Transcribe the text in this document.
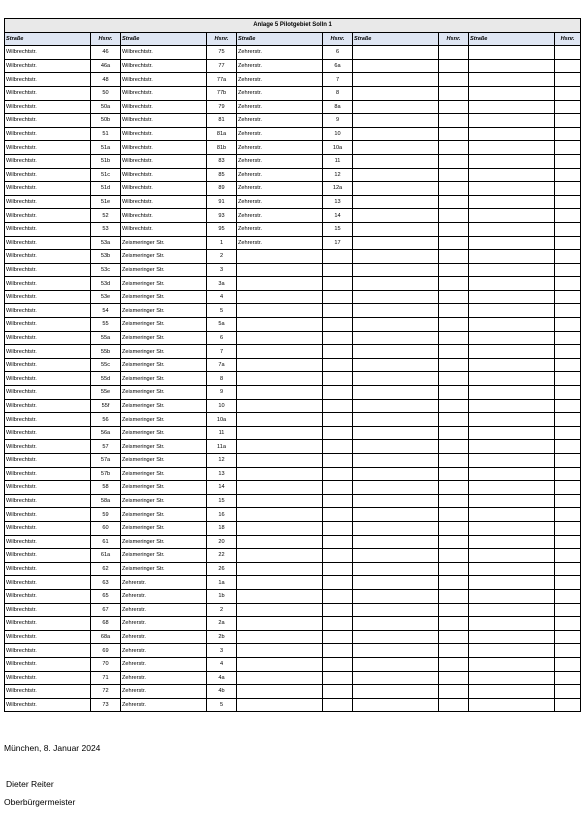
Anlage 5 Pilotgebiet Solln 1									
Straße	Hsnr.	Straße	Hsnr.	Straße	Hsnr.	Straße	Hsnr.	Straße	Hsnr.
Wilbrechtstr.	46	Wilbrechtstr.	75	Zehrerstr.	6				
Wilbrechtstr.	46a	Wilbrechtstr.	77	Zehrerstr.	6a				
Wilbrechtstr.	48	Wilbrechtstr.	77a	Zehrerstr.	7				
Wilbrechtstr.	50	Wilbrechtstr.	77b	Zehrerstr.	8				
Wilbrechtstr.	50a	Wilbrechtstr.	79	Zehrerstr.	8a				
Wilbrechtstr.	50b	Wilbrechtstr.	81	Zehrerstr.	9				
Wilbrechtstr.	51	Wilbrechtstr.	81a	Zehrerstr.	10				
Wilbrechtstr.	51a	Wilbrechtstr.	81b	Zehrerstr.	10a				
Wilbrechtstr.	51b	Wilbrechtstr.	83	Zehrerstr.	11				
Wilbrechtstr.	51c	Wilbrechtstr.	85	Zehrerstr.	12				
Wilbrechtstr.	51d	Wilbrechtstr.	89	Zehrerstr.	12a				
Wilbrechtstr.	51e	Wilbrechtstr.	91	Zehrerstr.	13				
Wilbrechtstr.	52	Wilbrechtstr.	93	Zehrerstr.	14				
Wilbrechtstr.	53	Wilbrechtstr.	95	Zehrerstr.	15				
Wilbrechtstr.	53a	Zeismeringer Str.	1	Zehrerstr.	17				
Wilbrechtstr.	53b	Zeismeringer Str.	2						
Wilbrechtstr.	53c	Zeismeringer Str.	3						
Wilbrechtstr.	53d	Zeismeringer Str.	3a						
Wilbrechtstr.	53e	Zeismeringer Str.	4						
Wilbrechtstr.	54	Zeismeringer Str.	5						
Wilbrechtstr.	55	Zeismeringer Str.	5a						
Wilbrechtstr.	55a	Zeismeringer Str.	6						
Wilbrechtstr.	55b	Zeismeringer Str.	7						
Wilbrechtstr.	55c	Zeismeringer Str.	7a						
Wilbrechtstr.	55d	Zeismeringer Str.	8						
Wilbrechtstr.	55e	Zeismeringer Str.	9						
Wilbrechtstr.	55f	Zeismeringer Str.	10						
Wilbrechtstr.	56	Zeismeringer Str.	10a						
Wilbrechtstr.	56a	Zeismeringer Str.	11						
Wilbrechtstr.	57	Zeismeringer Str.	11a						
Wilbrechtstr.	57a	Zeismeringer Str.	12						
Wilbrechtstr.	57b	Zeismeringer Str.	13						
Wilbrechtstr.	58	Zeismeringer Str.	14						
Wilbrechtstr.	58a	Zeismeringer Str.	15						
Wilbrechtstr.	59	Zeismeringer Str.	16						
Wilbrechtstr.	60	Zeismeringer Str.	18						
Wilbrechtstr.	61	Zeismeringer Str.	20						
Wilbrechtstr.	61a	Zeismeringer Str.	22						
Wilbrechtstr.	62	Zeismeringer Str.	26						
Wilbrechtstr.	63	Zehrerstr.	1a						
Wilbrechtstr.	65	Zehrerstr.	1b						
Wilbrechtstr.	67	Zehrerstr.	2						
Wilbrechtstr.	68	Zehrerstr.	2a						
Wilbrechtstr.	68a	Zehrerstr.	2b						
Wilbrechtstr.	69	Zehrerstr.	3						
Wilbrechtstr.	70	Zehrerstr.	4						
Wilbrechtstr.	71	Zehrerstr.	4a						
Wilbrechtstr.	72	Zehrerstr.	4b						
Wilbrechtstr.	73	Zehrerstr.	5						
München, 8. Januar 2024
Dieter Reiter
Oberbürgermeister
